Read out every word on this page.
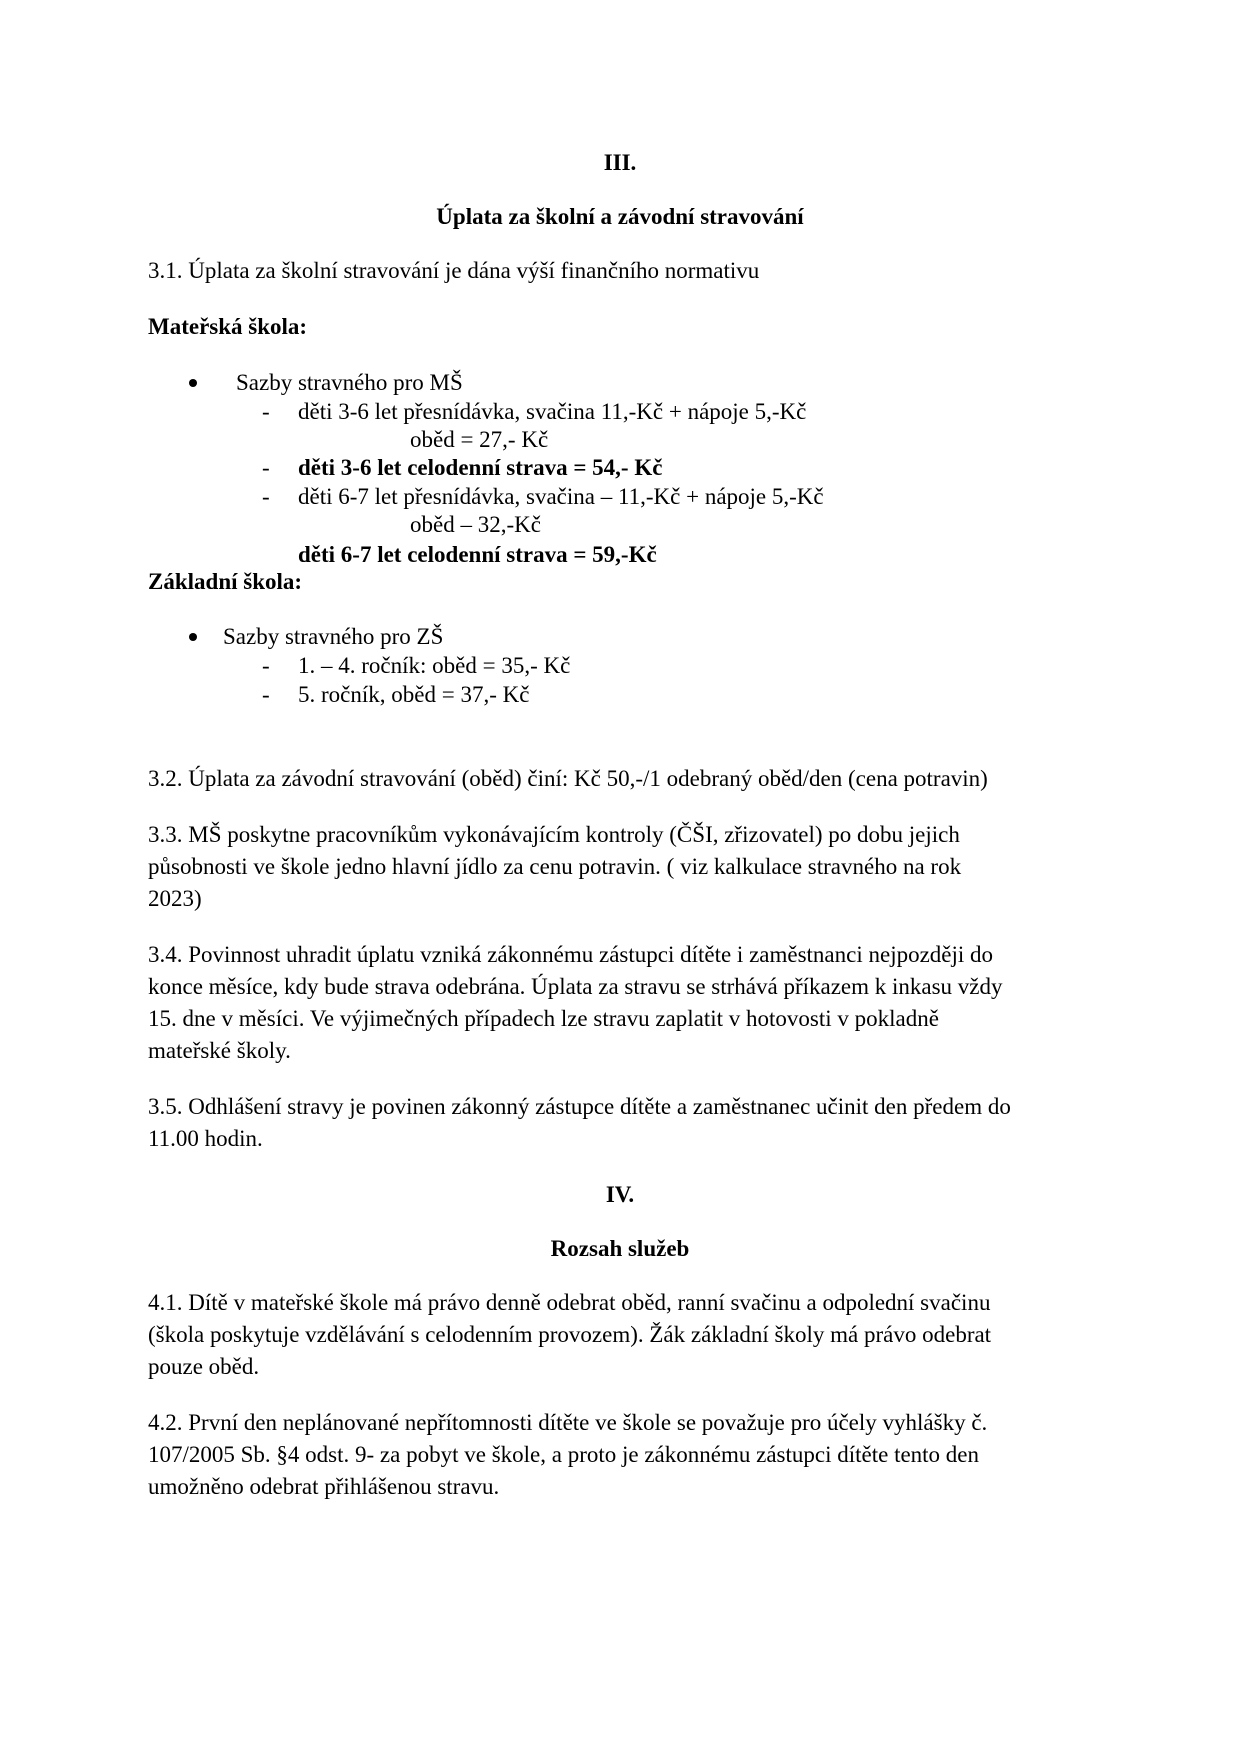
III.
Úplata za školní a závodní stravování
3.1. Úplata za školní stravování je dána výší finančního normativu
Mateřská škola:
Sazby stravného pro MŠ
- děti 3-6 let přesnídávka, svačina 11,-Kč + nápoje 5,-Kč
oběd = 27,- Kč
- děti 3-6 let celodenní strava = 54,- Kč
- děti 6-7 let přesnídávka, svačina – 11,-Kč + nápoje 5,-Kč
oběd – 32,-Kč
děti 6-7 let celodenní strava = 59,-Kč
Základní škola:
Sazby stravného pro ZŠ
- 1. – 4. ročník: oběd = 35,- Kč
- 5. ročník, oběd = 37,- Kč
3.2. Úplata za závodní stravování (oběd) činí: Kč 50,-/1 odebraný oběd/den (cena potravin)
3.3. MŠ poskytne pracovníkům vykonávajícím kontroly (ČŠI, zřizovatel) po dobu jejich
působnosti ve škole jedno hlavní jídlo za cenu potravin. ( viz kalkulace stravného na rok
2023)
3.4. Povinnost uhradit úplatu vzniká zákonnému zástupci dítěte i zaměstnanci nejpozději do
konce měsíce, kdy bude strava odebrána. Úplata za stravu se strhává příkazem k inkasu vždy
15. dne v měsíci. Ve výjimečných případech lze stravu zaplatit v hotovosti v pokladně
mateřské školy.
3.5. Odhlášení stravy je povinen zákonný zástupce dítěte a zaměstnanec učinit den předem do
11.00 hodin.
IV.
Rozsah služeb
4.1. Dítě v mateřské škole má právo denně odebrat oběd, ranní svačinu a odpolední svačinu
(škola poskytuje vzdělávání s celodenním provozem). Žák základní školy má právo odebrat
pouze oběd.
4.2. První den neplánované nepřítomnosti dítěte ve škole se považuje pro účely vyhlášky č.
107/2005 Sb. §4 odst. 9- za pobyt ve škole, a proto je zákonnému zástupci dítěte tento den
umožněno odebrat přihlášenou stravu.
